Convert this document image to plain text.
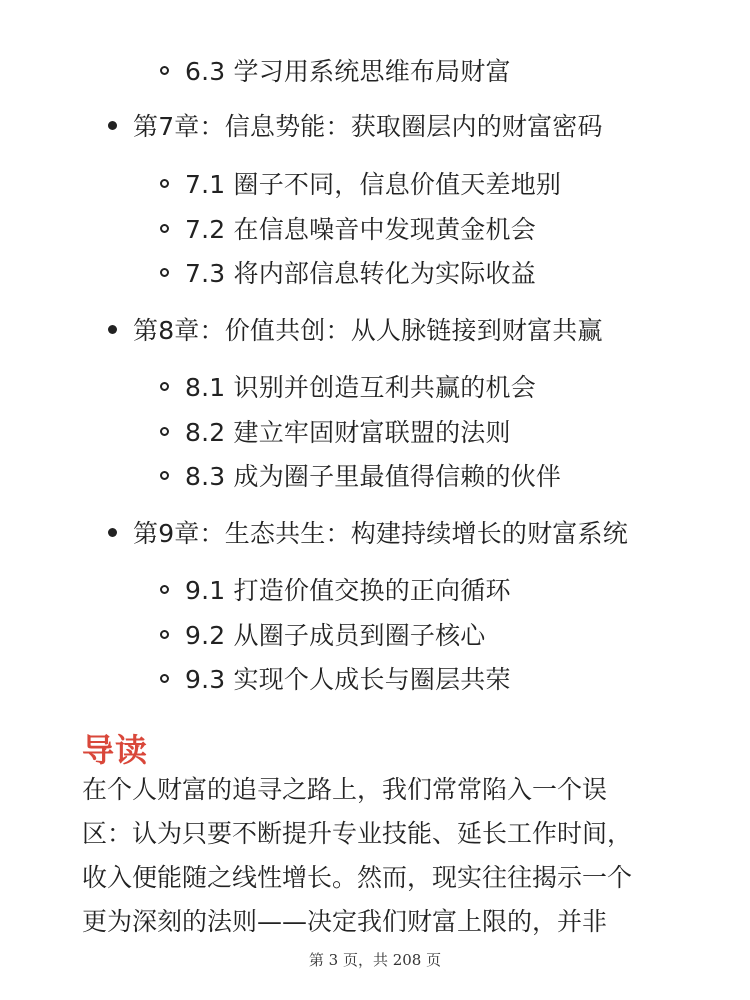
6.3 学习用系统思维布局财富
第7章：信息势能：获取圈层内的财富密码
7.1 圈子不同，信息价值天差地别
7.2 在信息噪音中发现黄金机会
7.3 将内部信息转化为实际收益
第8章：价值共创：从人脉链接到财富共赢
8.1 识别并创造互利共赢的机会
8.2 建立牢固财富联盟的法则
8.3 成为圈子里最值得信赖的伙伴
第9章：生态共生：构建持续增长的财富系统
9.1 打造价值交换的正向循环
9.2 从圈子成员到圈子核心
9.3 实现个人成长与圈层共荣
导读
在个人财富的追寻之路上，我们常常陷入一个误
区：认为只要不断提升专业技能、延长工作时间，
收入便能随之线性增长。然而，现实往往揭示一个
更为深刻的法则——决定我们财富上限的，并非
第 3 页，共 208 页
